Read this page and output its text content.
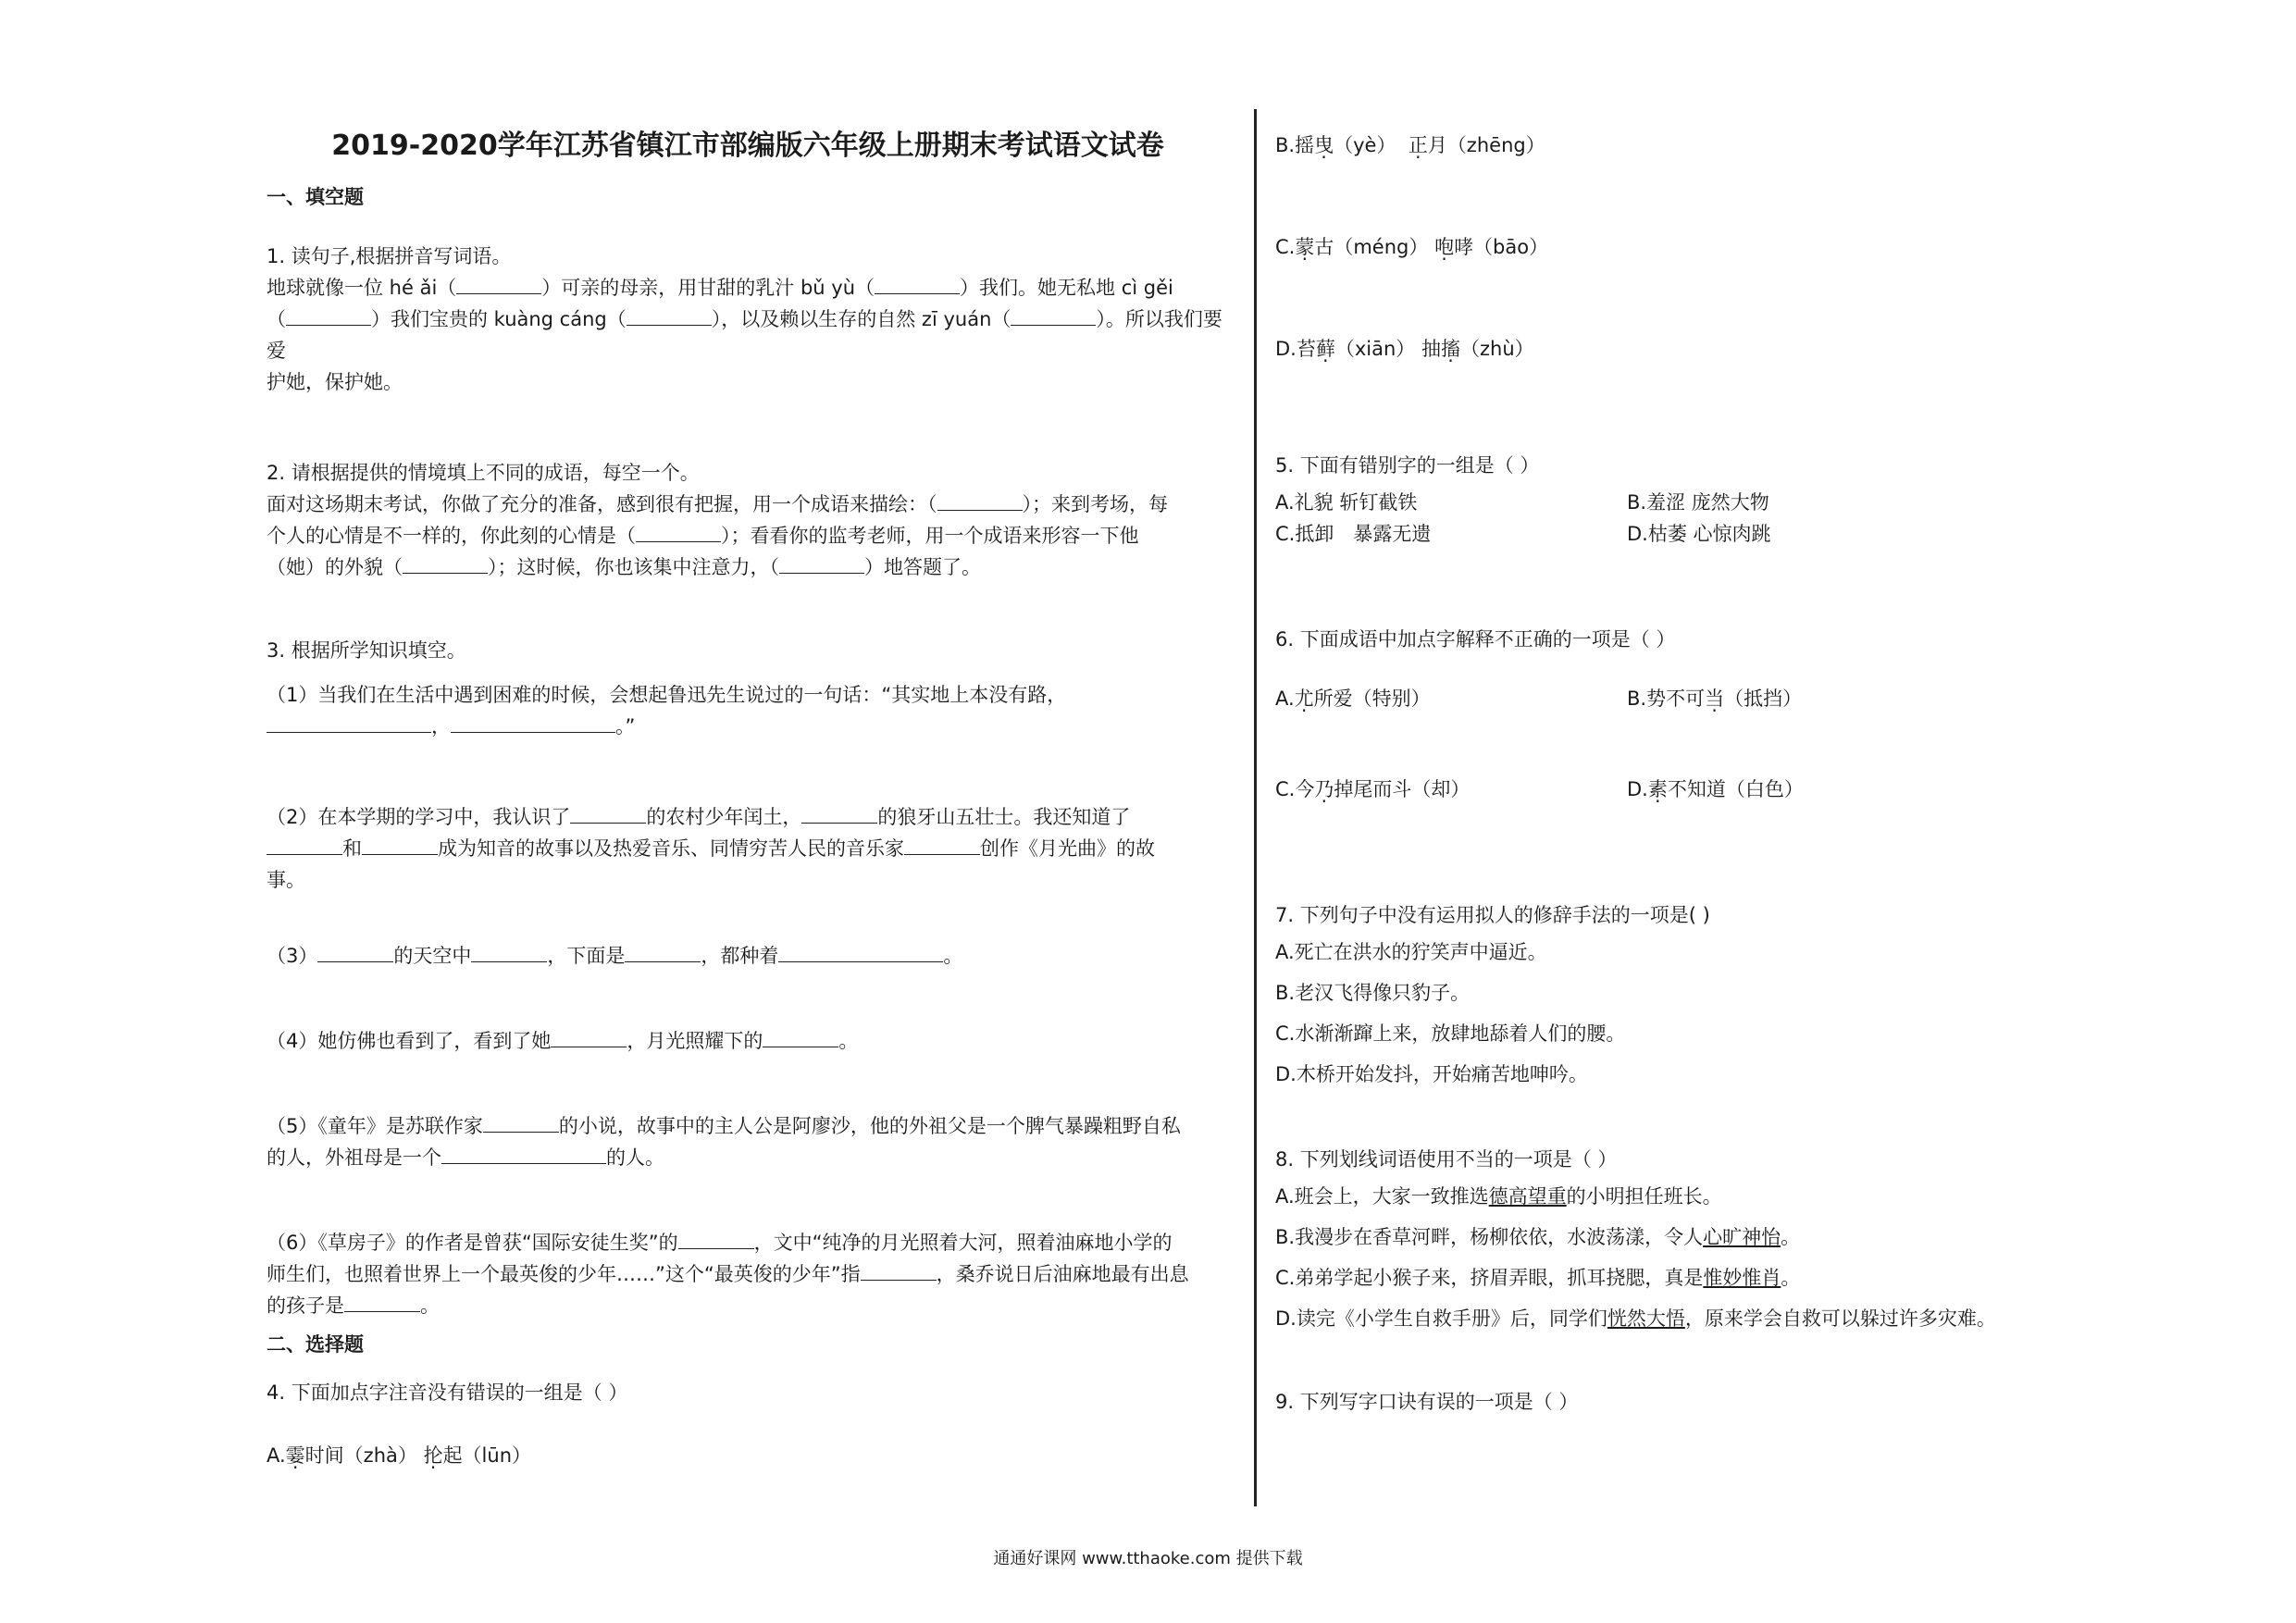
2019-2020学年江苏省镇江市部编版六年级上册期末考试语文试卷

一、填空题

1. 读句子,根据拼音写词语。

地球就像一位 hé ǎi（	）可亲的母亲，用甘甜的乳汁 bǔ yù（	）我们。她无私地 cì gěi

（	）我们宝贵的 kuàng cáng（	），以及赖以生存的自然 zī yuán（	）。所以我们要爱

护她，保护她。

2. 请根据提供的情境填上不同的成语，每空一个。

面对这场期末考试，你做了充分的准备，感到很有把握，用一个成语来描绘：（	）；来到考场，每

个人的心情是不一样的，你此刻的心情是（	）；看看你的监考老师，用一个成语来形容一下他

（她）的外貌（	）；这时候，你也该集中注意力，（	）地答题了。

3. 根据所学知识填空。

（1）当我们在生活中遇到困难的时候，会想起鲁迅先生说过的一句话：“其实地上本没有路，

，	。”

（2）在本学期的学习中，我认识了	的农村少年闰土，	的狼牙山五壮士。我还知道了

和	成为知音的故事以及热爱音乐、同情穷苦人民的音乐家	创作《月光曲》的故

事。

（3）	的天空中	，下面是	，都种着	。

（4）她仿佛也看到了，看到了她	，月光照耀下的	。

（5）《童年》是苏联作家	的小说，故事中的主人公是阿廖沙，他的外祖父是一个脾气暴躁粗野自私

的人，外祖母是一个	的人。

（6）《草房子》的作者是曾获“国际安徒生奖”的	，文中“纯净的月光照着大河，照着油麻地小学的

师生们，也照着世界上一个最英俊的少年……”这个“最英俊的少年”指	，桑乔说日后油麻地最有出息

的孩子是	。

二、选择题

4. 下面加点字注音没有错误的一组是（ ）

A.霎时间（zhà） 抡起（lūn）

B.摇曳（yè） 正月（zhēng）

C.蒙古（méng） 咆哮（bāo）

D.苔藓（xiān） 抽搐（zhù）

5. 下面有错别字的一组是（ ）

A.礼貌 斩钉截铁	B.羞涩 庞然大物

C.抵卸　暴露无遗	D.枯萎 心惊肉跳

6. 下面成语中加点字解释不正确的一项是（ ）

A.尤所爱（特别）	B.势不可当（抵挡）

C.今乃掉尾而斗（却）	D.素不知道（白色）

7. 下列句子中没有运用拟人的修辞手法的一项是( )

A.死亡在洪水的狞笑声中逼近。

B.老汉飞得像只豹子。

C.水渐渐蹿上来，放肆地舔着人们的腰。

D.木桥开始发抖，开始痛苦地呻吟。

8. 下列划线词语使用不当的一项是（ ）

A.班会上，大家一致推选德高望重的小明担任班长。

B.我漫步在香草河畔，杨柳依依，水波荡漾，令人心旷神怡。

C.弟弟学起小猴子来，挤眉弄眼，抓耳挠腮，真是惟妙惟肖。

D.读完《小学生自救手册》后，同学们恍然大悟，原来学会自救可以躲过许多灾难。

9. 下列写字口诀有误的一项是（ ）

通通好课网 www.tthaoke.com 提供下载
